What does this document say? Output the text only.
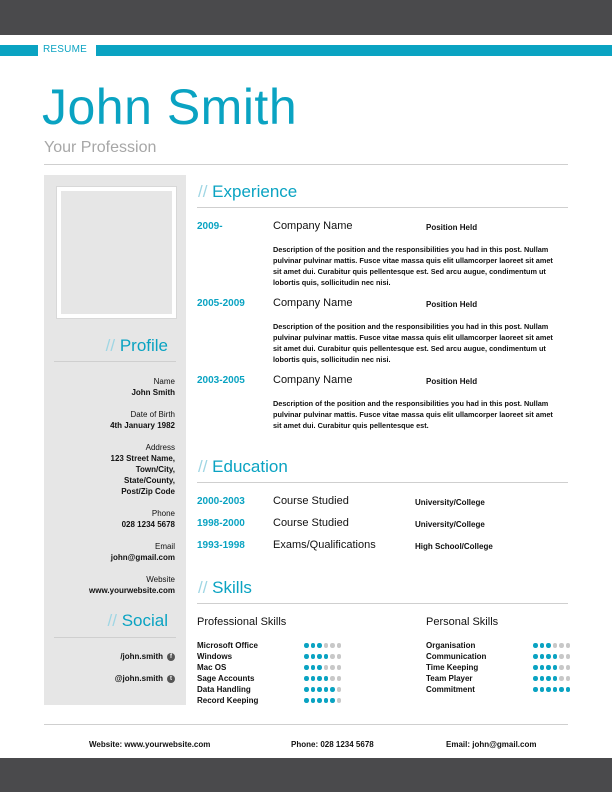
RESUME
John Smith
Your Profession
// Profile
Name
John Smith
Date of Birth
4th January 1982
Address
123 Street Name,
Town/City,
State/County,
Post/Zip Code
Phone
028 1234 5678
Email
john@gmail.com
Website
www.yourwebsite.com
// Social
/john.smith	f
@john.smith	t
// Experience
2009-	Company Name	Position Held
Description of the position and the responsibilities you had in this post. Nullam pulvinar pulvinar mattis. Fusce vitae massa quis elit ullamcorper laoreet sit amet sit amet dui. Curabitur quis pellentesque est. Sed arcu augue, condimentum ut lobortis quis, sollicitudin nec nisi.
2005-2009	Company Name	Position Held
Description of the position and the responsibilities you had in this post. Nullam pulvinar pulvinar mattis. Fusce vitae massa quis elit ullamcorper laoreet sit amet sit amet dui. Curabitur quis pellentesque est. Sed arcu augue, condimentum ut lobortis quis, sollicitudin nec nisi.
2003-2005	Company Name	Position Held
Description of the position and the responsibilities you had in this post. Nullam pulvinar pulvinar mattis. Fusce vitae massa quis elit ullamcorper laoreet sit amet sit amet dui. Curabitur quis pellentesque est.
// Education
2000-2003	Course Studied	University/College
1998-2000	Course Studied	University/College
1993-1998	Exams/Qualifications	High School/College
// Skills
Professional Skills	Personal Skills
Microsoft Office
Windows
Mac OS
Sage Accounts
Data Handling
Record Keeping
Organisation
Communication
Time Keeping
Team Player
Commitment
Website: www.yourwebsite.com	Phone: 028 1234 5678	Email: john@gmail.com
